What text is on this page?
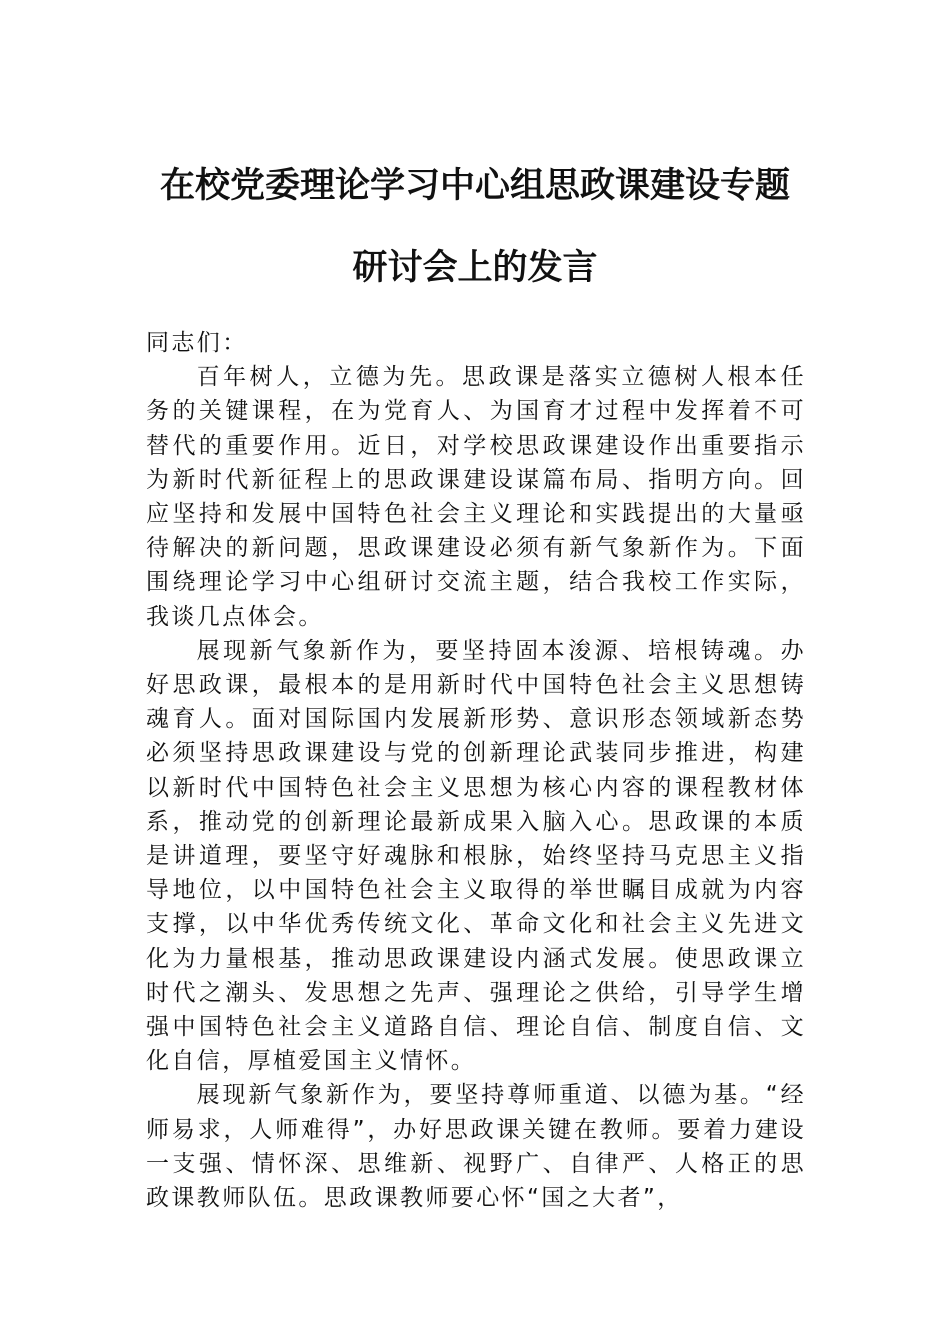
在校党委理论学习中心组思政课建设专题
研讨会上的发言

同志们：

百年树人，立德为先。思政课是落实立德树人根本任务的关键课程，在为党育人、为国育才过程中发挥着不可替代的重要作用。近日，对学校思政课建设作出重要指示为新时代新征程上的思政课建设谋篇布局、指明方向。回应坚持和发展中国特色社会主义理论和实践提出的大量亟待解决的新问题，思政课建设必须有新气象新作为。下面围绕理论学习中心组研讨交流主题，结合我校工作实际，我谈几点体会。

展现新气象新作为，要坚持固本浚源、培根铸魂。办好思政课，最根本的是用新时代中国特色社会主义思想铸魂育人。面对国际国内发展新形势、意识形态领域新态势必须坚持思政课建设与党的创新理论武装同步推进，构建以新时代中国特色社会主义思想为核心内容的课程教材体系，推动党的创新理论最新成果入脑入心。思政课的本质是讲道理，要坚守好魂脉和根脉，始终坚持马克思主义指导地位，以中国特色社会主义取得的举世瞩目成就为内容支撑，以中华优秀传统文化、革命文化和社会主义先进文化为力量根基，推动思政课建设内涵式发展。使思政课立时代之潮头、发思想之先声、强理论之供给，引导学生增强中国特色社会主义道路自信、理论自信、制度自信、文化自信，厚植爱国主义情怀。

展现新气象新作为，要坚持尊师重道、以德为基。“经师易求，人师难得”，办好思政课关键在教师。要着力建设一支强、情怀深、思维新、视野广、自律严、人格正的思政课教师队伍。思政课教师要心怀“国之大者”，
